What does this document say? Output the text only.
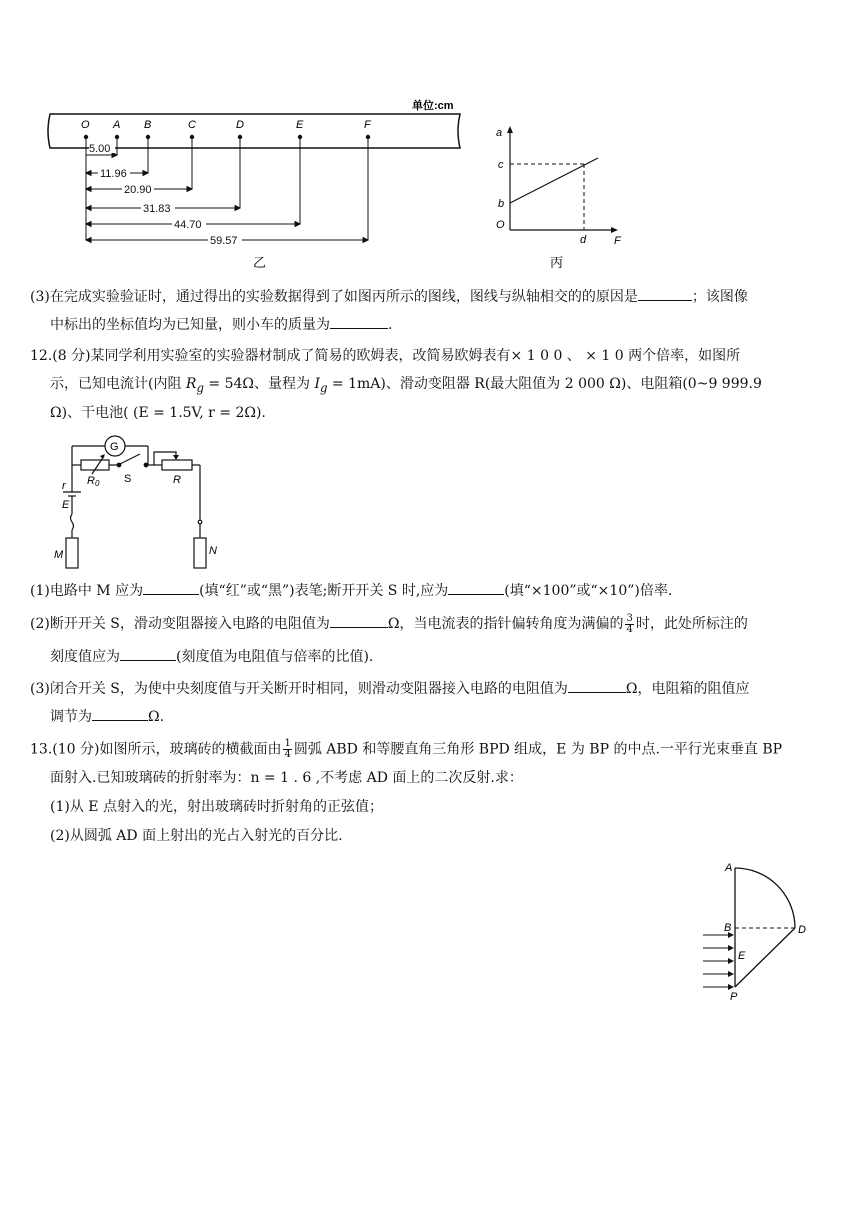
单位:cm
O A B	C	D	E	F
5.00
11.96
20.90
31.83
44.70
59.57
乙
a
c
b
O
d	F
丙
(3)在完成实验验证时，通过得出的实验数据得到了如图丙所示的图线，图线与纵轴相交的的原因是	；该图像
中标出的坐标值均为已知量，则小车的质量为	.
12.(8 分)某同学利用实验室的实验器材制成了简易的欧姆表，改简易欧姆表有× 1 0 0 、 × 1 0 两个倍率，如图所
示，已知电流计(内阻 $R_g = 54\Omega$、量程为 $I_g = 1mA$)、滑动变阻器 R(最大阻值为 2 000 Ω)、电阻箱(0~9 999.9
Ω)、干电池( (E = 1.5V, r = 2Ω).
G
R0 S	R
r
E
M	N
(1)电路中 M 应为	(填“红”或“黑”)表笔;断开开关 S 时,应为	(填“×100”或“×10”)倍率.
(2)断开开关 S，滑动变阻器接入电路的电阻值为	Ω，当电流表的指针偏转角度为满偏的 $\frac{3}{4}$ 时，此处所标注的
刻度值应为	(刻度值为电阻值与倍率的比值).
(3)闭合开关 S，为使中央刻度值与开关断开时相同，则滑动变阻器接入电路的电阻值为	Ω，电阻箱的阻值应
调节为	Ω.
13.(10 分)如图所示，玻璃砖的横截面由 $\frac{1}{4}$ 圆弧 ABD 和等腰直角三角形 BPD 组成，E 为 BP 的中点.一平行光束垂直 BP
面射入.已知玻璃砖的折射率为：n = 1 . 6 ,不考虑 AD 面上的二次反射.求：
(1)从 E 点射入的光，射出玻璃砖时折射角的正弦值；
(2)从圆弧 AD 面上射出的光占入射光的百分比.
A
B	D
E
P
